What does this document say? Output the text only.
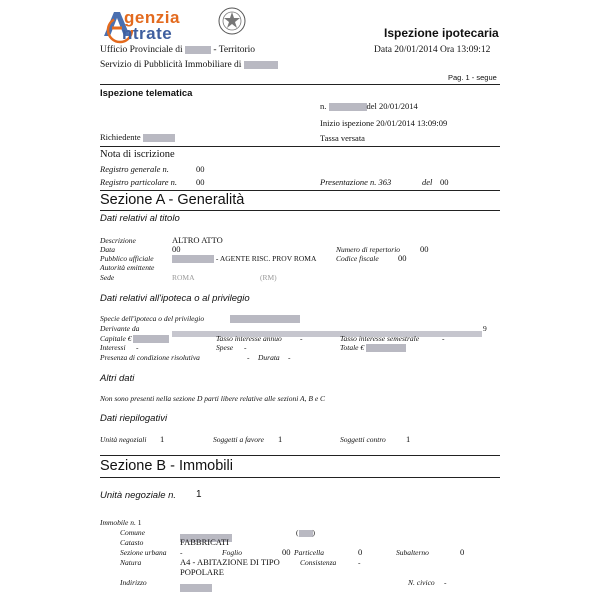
genzia
ntrate	Ispezione ipotecaria
Ufficio Provinciale di	- Territorio	Data 20/01/2014 Ora 13:09:12
Servizio di Pubblicità Immobiliare di
Pag. 1 - segue
Ispezione telematica
n.	del 20/01/2014
Inizio ispezione 20/01/2014 13:09:09
Richiedente	Tassa versata
Nota di iscrizione
Registro generale n.	00
Registro particolare n. 00	Presentazione n. 363	del 00
Sezione A - Generalità
Dati relativi al titolo
Descrizione	ALTRO ATTO
Data	00	Numero di repertorio 00
Pubblico ufficiale	- AGENTE RISC. PROV ROMA	Codice fiscale 00
Autorità emittente
Sede	ROMA	(RM)
Dati relativi all'ipoteca o al privilegio
Specie dell'ipoteca o del privilegio
Derivante da	9
Capitale €	Tasso interesse annuo -	Tasso interesse semestrale	-
Interessi -	Spese -	Totale €
Presenza di condizione risolutiva	- Durata -
Altri dati
Non sono presenti nella sezione D parti libere relative alle sezioni A, B e C
Dati riepilogativi
Unità negoziali 1	Soggetti a favore 1	Soggetti contro 1
Sezione B - Immobili
Unità negoziale n. 1
Immobile n. 1
Comune	( )
Catasto	FABBRICATI
Sezione urbana -	Foglio	00 Particella	0	Subalterno	0
Natura	A4 - ABITAZIONE DI TIPO
POPOLARE
Consistenza	-
Indirizzo	N. civico -
